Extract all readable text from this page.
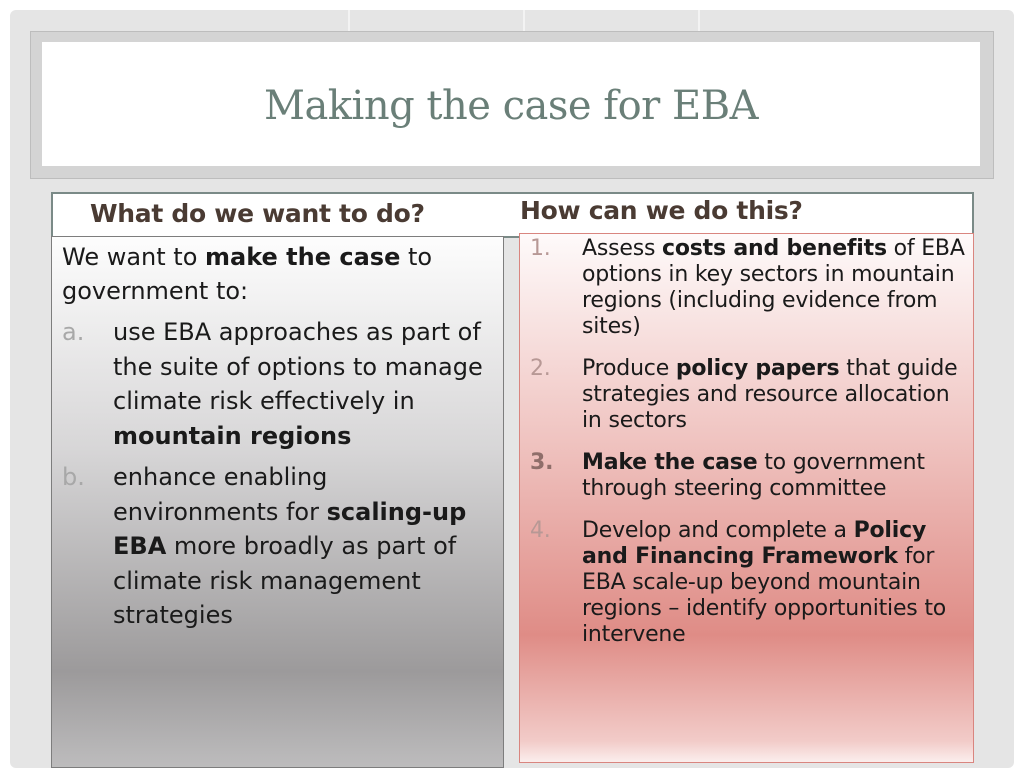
Making the case for EBA
What do we want to do?	How can we do this?
We want to make the case to government to:
a. use EBA approaches as part of the suite of options to manage climate risk effectively in mountain regions
b. enhance enabling environments for scaling-up EBA more broadly as part of climate risk management strategies
1. Assess costs and benefits of EBA options in key sectors in mountain regions (including evidence from sites)
2. Produce policy papers that guide strategies and resource allocation in sectors
3. Make the case to government through steering committee
4. Develop and complete a Policy and Financing Framework for EBA scale-up beyond mountain regions – identify opportunities to intervene
